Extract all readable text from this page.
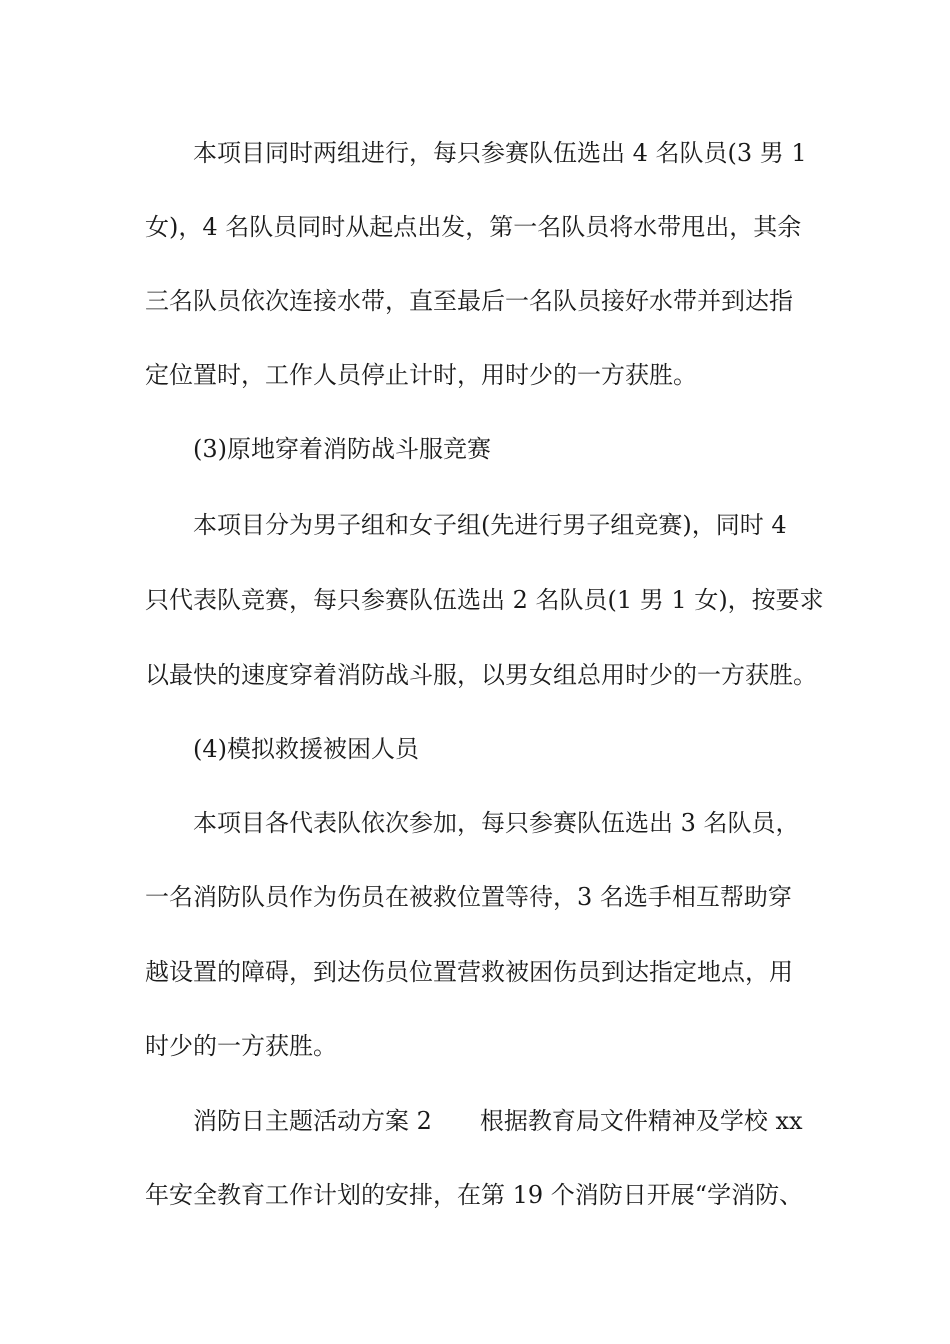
本项目同时两组进行，每只参赛队伍选出 4 名队员(3 男 1
女)，4 名队员同时从起点出发，第一名队员将水带甩出，其余
三名队员依次连接水带，直至最后一名队员接好水带并到达指
定位置时，工作人员停止计时，用时少的一方获胜。
(3)原地穿着消防战斗服竞赛
本项目分为男子组和女子组(先进行男子组竞赛)，同时 4
只代表队竞赛，每只参赛队伍选出 2 名队员(1 男 1 女)，按要求
以最快的速度穿着消防战斗服，以男女组总用时少的一方获胜。
(4)模拟救援被困人员
本项目各代表队依次参加，每只参赛队伍选出 3 名队员，
一名消防队员作为伤员在被救位置等待，3 名选手相互帮助穿
越设置的障碍，到达伤员位置营救被困伤员到达指定地点，用
时少的一方获胜。
消防日主题活动方案 2　　根据教育局文件精神及学校 xx
年安全教育工作计划的安排，在第 19 个消防日开展“学消防、
